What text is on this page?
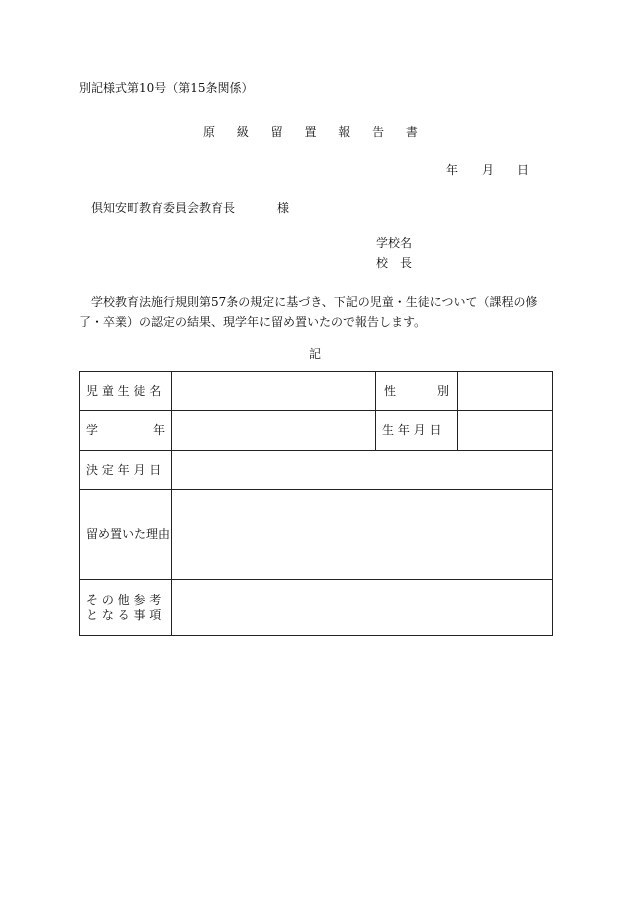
別記様式第10号（第15条関係）
原 級 留 置 報 告 書
年 月 日
倶知安町教育委員会教育長	様
学校名
校　長
学校教育法施行規則第57条の規定に基づき、下記の児童・生徒について（課程の修了・卒業）の認定の結果、現学年に留め置いたので報告します。
記
児 童 生 徒 名		性 別	

学 年		生 年 月 日	
決 定 年 月 日			
留め置いた理由			

そ の 他 参 考
と な る 事 項			
